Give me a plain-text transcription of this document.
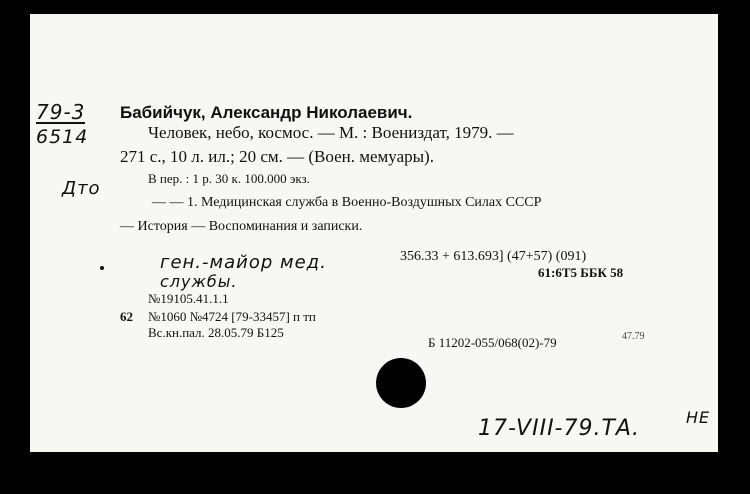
79-3
6514
Дто
Бабийчук, Александр Николаевич.
Человек, небо, космос. — М. : Воениздат, 1979. —
271 с., 10 л. ил.; 20 см. — (Воен. мемуары).
В пер. : 1 р. 30 к. 100.000 экз.
— — 1. Медицинская служба в Военно-Воздушных Силах СССР
— История — Воспоминания и записки.
ген.-майор мед.
службы.
356.33 + 613.693] (47+57) (091)
61:6Т5 ББК 58
№19105.41.1.1
62 №1060 №4724 [79-33457] п тп
Вс.кн.пал. 28.05.79 Б125
Б 11202-055/068(02)-79	47.79
17-VIII-79.ТА.	НЕ
